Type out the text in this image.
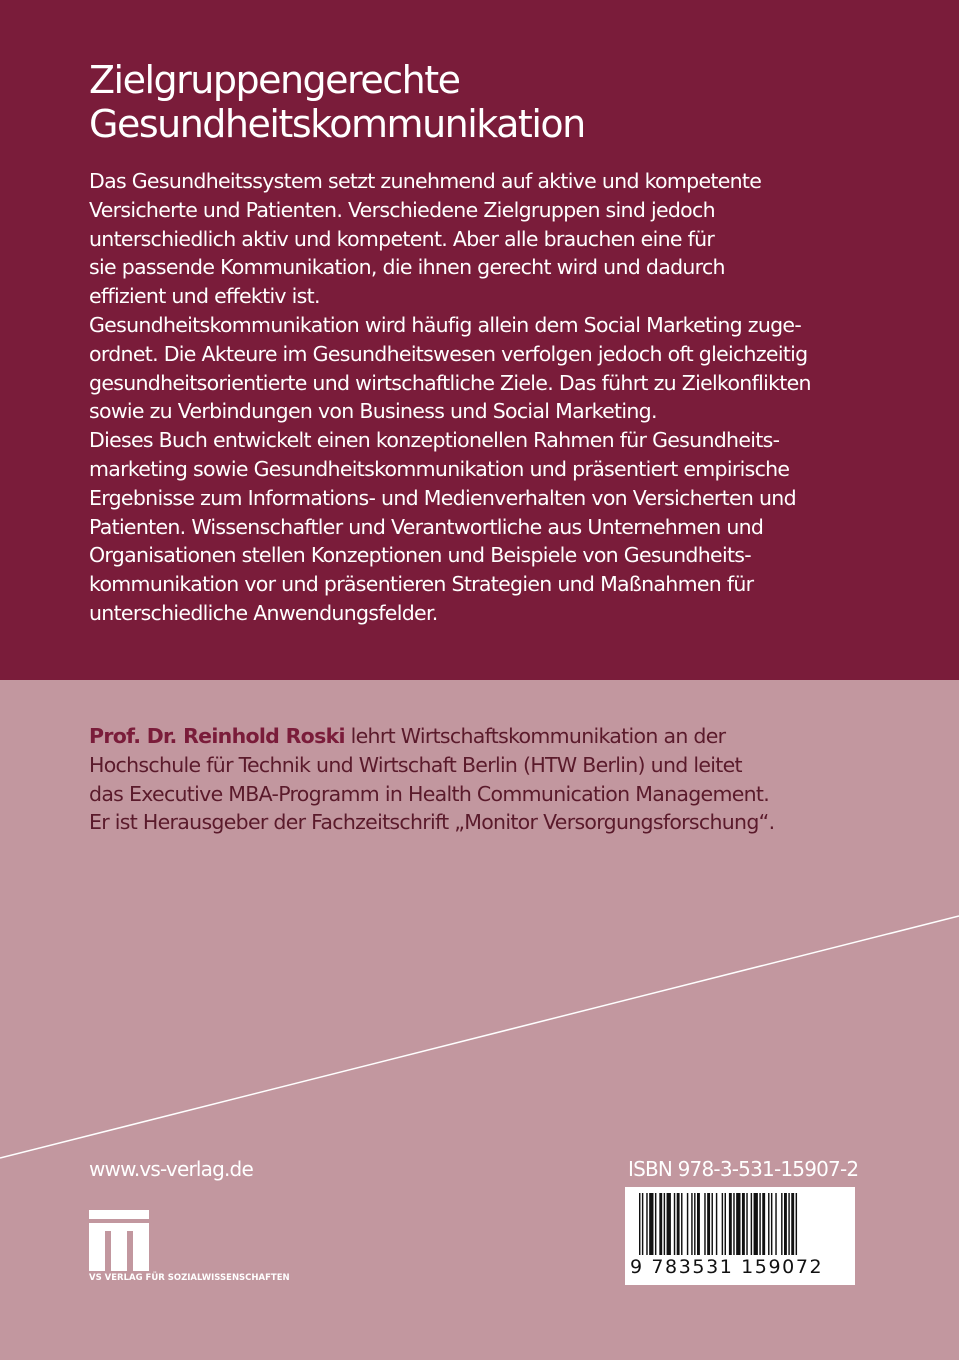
Zielgruppengerechte
Gesundheitskommunikation
Das Gesundheitssystem setzt zunehmend auf aktive und kompetente
Versicherte und Patienten. Verschiedene Zielgruppen sind jedoch
unterschiedlich aktiv und kompetent. Aber alle brauchen eine für
sie passende Kommunikation, die ihnen gerecht wird und dadurch
effizient und effektiv ist.
Gesundheitskommunikation wird häufig allein dem Social Marketing zuge-
ordnet. Die Akteure im Gesundheitswesen verfolgen jedoch oft gleichzeitig
gesundheitsorientierte und wirtschaftliche Ziele. Das führt zu Zielkonflikten
sowie zu Verbindungen von Business und Social Marketing.
Dieses Buch entwickelt einen konzeptionellen Rahmen für Gesundheits-
marketing sowie Gesundheitskommunikation und präsentiert empirische
Ergebnisse zum Informations- und Medienverhalten von Versicherten und
Patienten. Wissenschaftler und Verantwortliche aus Unternehmen und
Organisationen stellen Konzeptionen und Beispiele von Gesundheits-
kommunikation vor und präsentieren Strategien und Maßnahmen für
unterschiedliche Anwendungsfelder.
Prof. Dr. Reinhold Roski lehrt Wirtschaftskommunikation an der
Hochschule für Technik und Wirtschaft Berlin (HTW Berlin) und leitet
das Executive MBA-Programm in Health Communication Management.
Er ist Herausgeber der Fachzeitschrift „Monitor Versorgungsforschung“.
www.vs-verlag.de
VS VERLAG FÜR SOZIALWISSENSCHAFTEN
ISBN 978-3-531-15907-2
9 783531 159072
